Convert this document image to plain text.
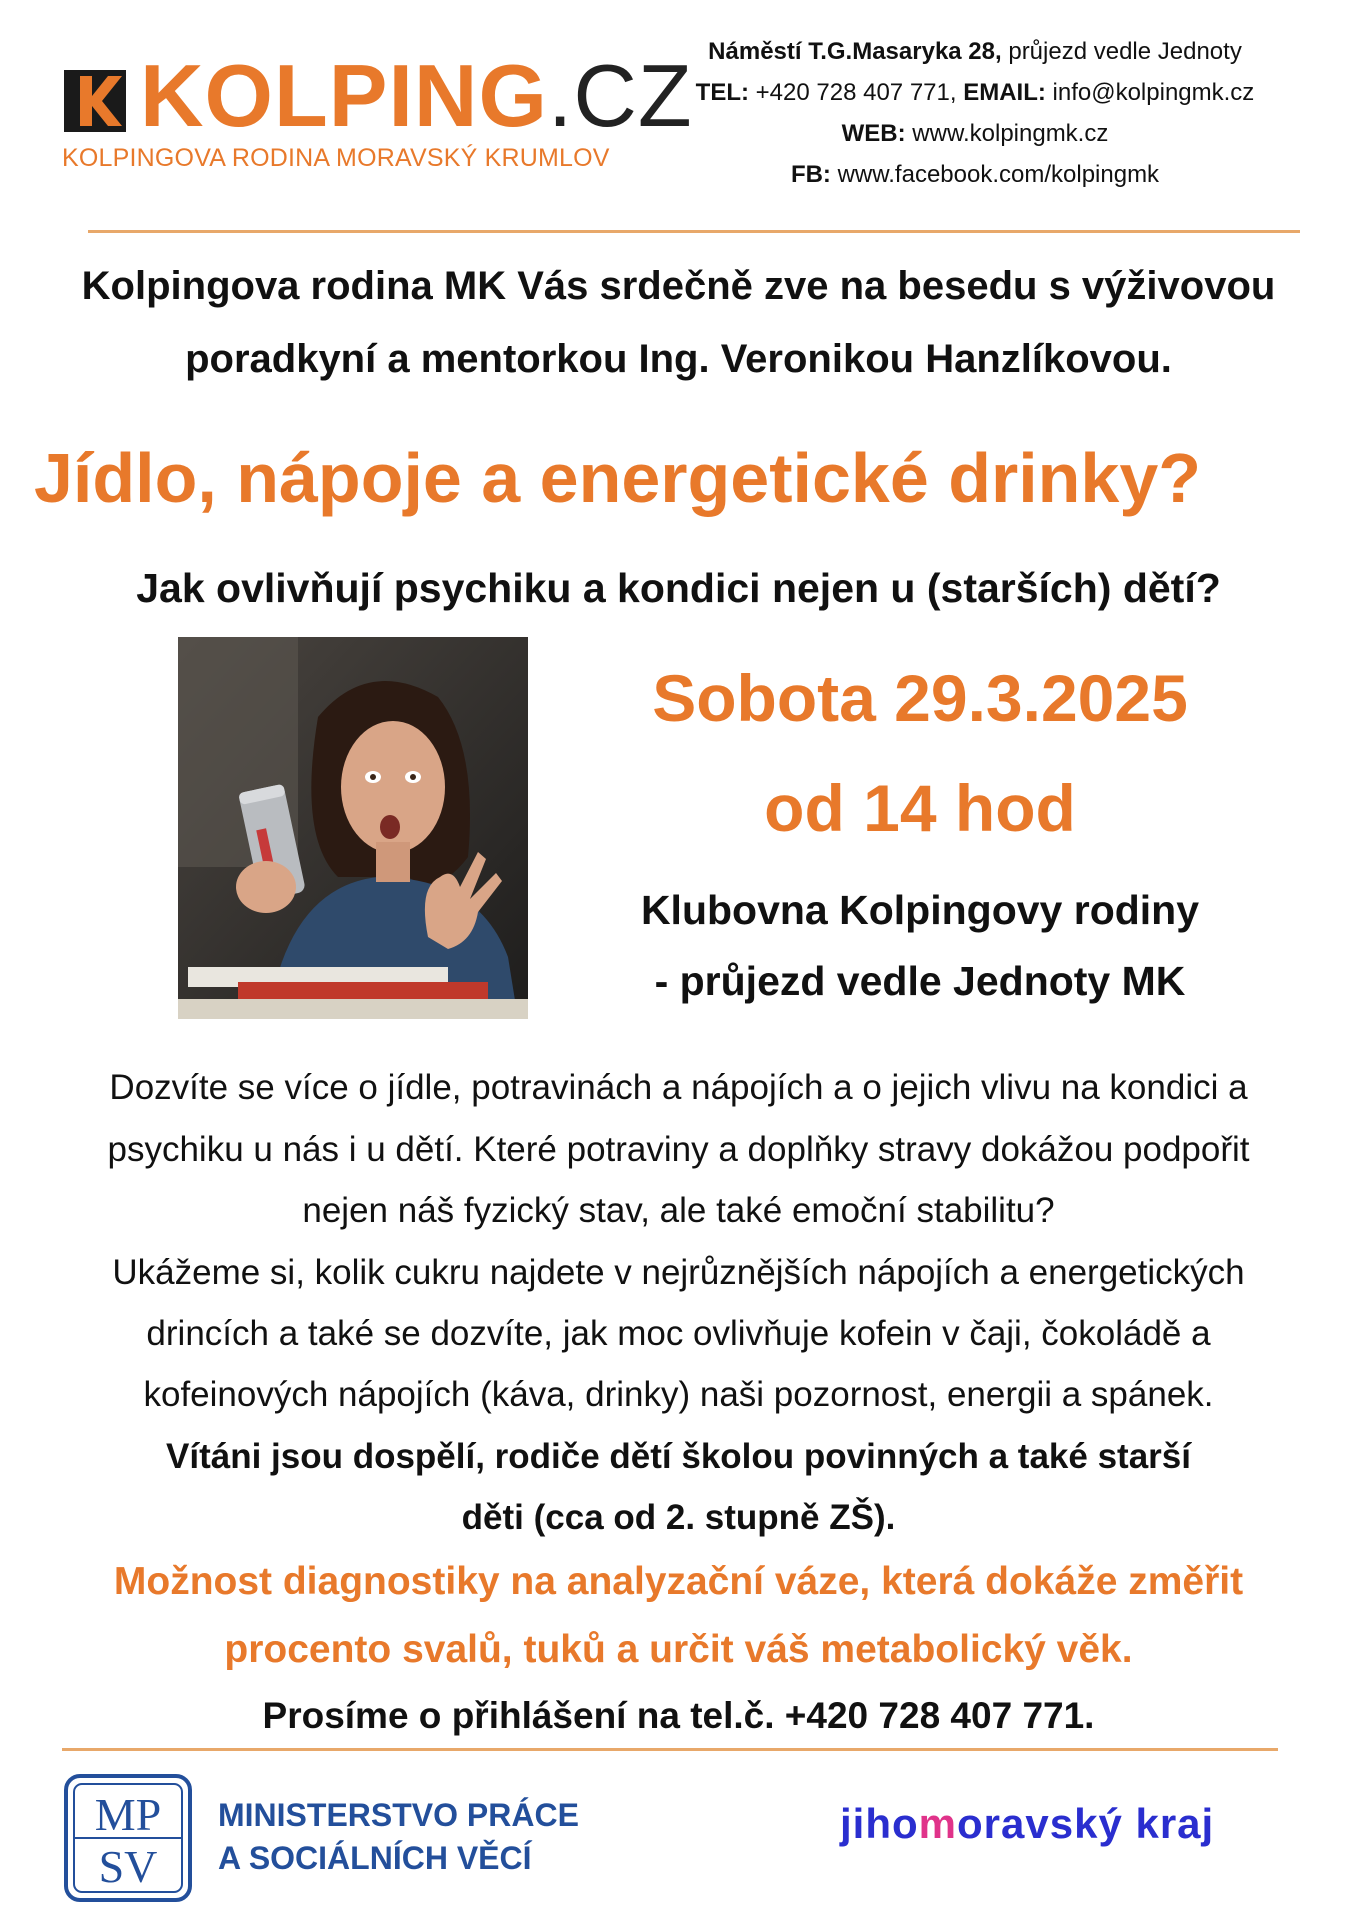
KOLPING.CZ
KOLPINGOVA RODINA MORAVSKÝ KRUMLOV
Náměstí T.G.Masaryka 28, průjezd vedle Jednoty
TEL: +420 728 407 771, EMAIL: info@kolpingmk.cz
WEB: www.kolpingmk.cz
FB: www.facebook.com/kolpingmk
Kolpingova rodina MK Vás srdečně zve na besedu s výživovou
poradkyní a mentorkou Ing. Veronikou Hanzlíkovou.
Jídlo, nápoje a energetické drinky?
Jak ovlivňují psychiku a kondici nejen u (starších) dětí?
Sobota 29.3.2025
od 14 hod
Klubovna Kolpingovy rodiny
- průjezd vedle Jednoty MK
Dozvíte se více o jídle, potravinách a nápojích a o jejich vlivu na kondici a
psychiku u nás i u dětí. Které potraviny a doplňky stravy dokážou podpořit
nejen náš fyzický stav, ale také emoční stabilitu?
Ukážeme si, kolik cukru najdete v nejrůznějších nápojích a energetických
drincích a také se dozvíte, jak moc ovlivňuje kofein v čaji, čokoládě a
kofeinových nápojích (káva, drinky) naši pozornost, energii a spánek.
Vítáni jsou dospělí, rodiče dětí školou povinných a také starší
děti (cca od 2. stupně ZŠ).
Možnost diagnostiky na analyzační váze, která dokáže změřit
procento svalů, tuků a určit váš metabolický věk.
Prosíme o přihlášení na tel.č. +420 728 407 771.
MP
SV
MINISTERSTVO PRÁCE
A SOCIÁLNÍCH VĚCÍ
jihomoravský kraj
